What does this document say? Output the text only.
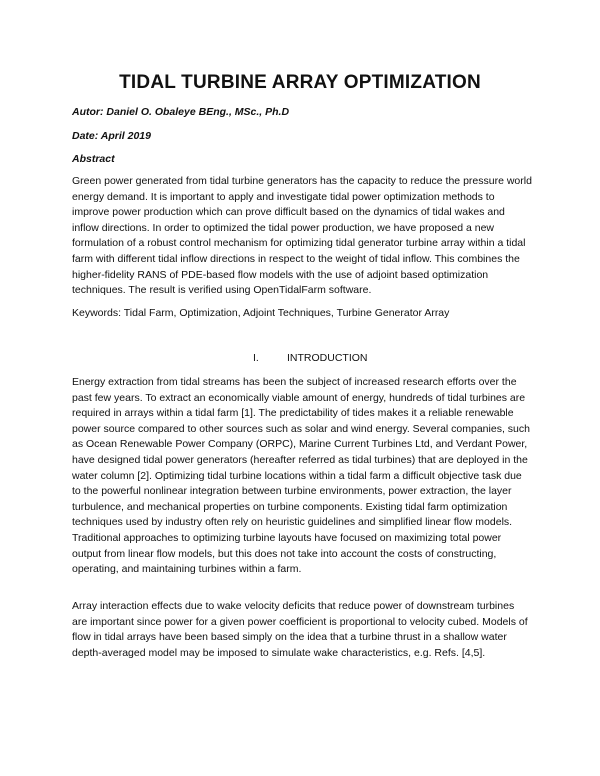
TIDAL TURBINE ARRAY OPTIMIZATION
Autor: Daniel O. Obaleye BEng., MSc., Ph.D
Date: April 2019
Abstract

Green power generated from tidal turbine generators has the capacity to reduce the pressure world energy demand. It is important to apply and investigate tidal power optimization methods to improve power production which can prove difficult based on the dynamics of tidal wakes and inflow directions. In order to optimized the tidal power production, we have proposed a new formulation of a robust control mechanism for optimizing tidal generator turbine array within a tidal farm with different tidal inflow directions in respect to the weight of tidal inflow. This combines the higher-fidelity RANS of PDE-based flow models with the use of adjoint based optimization techniques. The result is verified using OpenTidalFarm software.

Keywords: Tidal Farm, Optimization, Adjoint Techniques, Turbine Generator Array

I.	INTRODUCTION

Energy extraction from tidal streams has been the subject of increased research efforts over the past few years. To extract an economically viable amount of energy, hundreds of tidal turbines are required in arrays within a tidal farm [1]. The predictability of tides makes it a reliable renewable power source compared to other sources such as solar and wind energy. Several companies, such as Ocean Renewable Power Company (ORPC), Marine Current Turbines Ltd, and Verdant Power, have designed tidal power generators (hereafter referred as tidal turbines) that are deployed in the water column [2]. Optimizing tidal turbine locations within a tidal farm a difficult objective task due to the powerful nonlinear integration between turbine environments, power extraction, the layer turbulence, and mechanical properties on turbine components. Existing tidal farm optimization techniques used by industry often rely on heuristic guidelines and simplified linear flow models. Traditional approaches to optimizing turbine layouts have focused on maximizing total power output from linear flow models, but this does not take into account the costs of constructing, operating, and maintaining turbines within a farm.

Array interaction effects due to wake velocity deficits that reduce power of downstream turbines are important since power for a given power coefficient is proportional to velocity cubed. Models of flow in tidal arrays have been based simply on the idea that a turbine thrust in a shallow water depth-averaged model may be imposed to simulate wake characteristics, e.g. Refs. [4,5].
